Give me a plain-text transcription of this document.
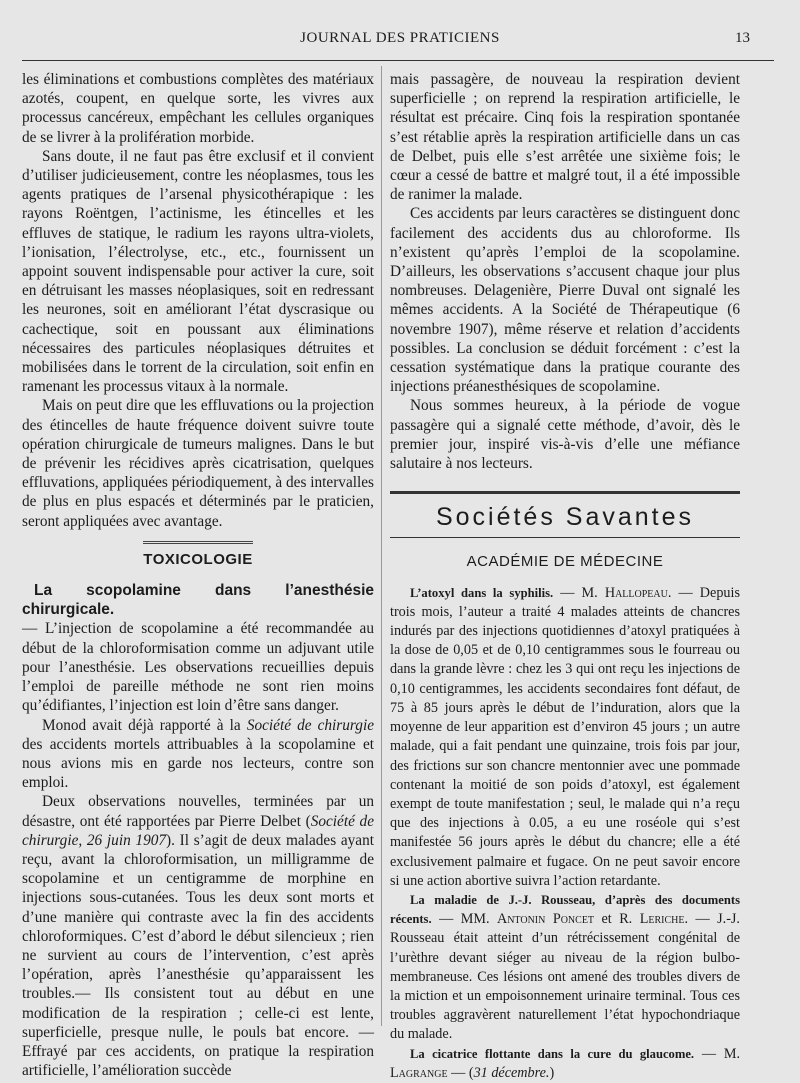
JOURNAL DES PRATICIENS	13

les éliminations et combustions complètes des matériaux azotés, coupent, en quelque sorte, les vivres aux processus cancéreux, empêchant les cellules organiques de se livrer à la prolifération morbide.

Sans doute, il ne faut pas être exclusif et il convient d’utiliser judicieusement, contre les néoplasmes, tous les agents pratiques de l’arsenal physicothérapique : les rayons Roëntgen, l’actinisme, les étincelles et les effluves de statique, le radium les rayons ultra-violets, l’ionisation, l’électrolyse, etc., etc., fournissent un appoint souvent indispensable pour activer la cure, soit en détruisant les masses néoplasiques, soit en redressant les neurones, soit en améliorant l’état dyscrasique ou cachectique, soit en poussant aux éliminations nécessaires des particules néoplasiques détruites et mobilisées dans le torrent de la circulation, soit enfin en ramenant les processus vitaux à la normale.

Mais on peut dire que les effluvations ou la projection des étincelles de haute fréquence doivent suivre toute opération chirurgicale de tumeurs malignes. Dans le but de prévenir les récidives après cicatrisation, quelques effluvations, appliquées périodiquement, à des intervalles de plus en plus espacés et déterminés par le praticien, seront appliquées avec avantage.

TOXICOLOGIE
La scopolamine dans l’anesthésie chirurgicale.

— L’injection de scopolamine a été recommandée au début de la chloroformisation comme un adjuvant utile pour l’anesthésie. Les observations recueillies depuis l’emploi de pareille méthode ne sont rien moins qu’édifiantes, l’injection est loin d’être sans danger.

Monod avait déjà rapporté à la Société de chirurgie des accidents mortels attribuables à la scopolamine et nous avions mis en garde nos lecteurs, contre son emploi.

Deux observations nouvelles, terminées par un désastre, ont été rapportées par Pierre Delbet (Société de chirurgie, 26 juin 1907). Il s’agit de deux malades ayant reçu, avant la chloroformisation, un milligramme de scopolamine et un centigramme de morphine en injections sous-cutanées. Tous les deux sont morts et d’une manière qui contraste avec la fin des accidents chloroformiques. C’est d’abord le début silencieux ; rien ne survient au cours de l’intervention, c’est après l’opération, après l’anesthésie qu’apparaissent les troubles.— Ils consistent tout au début en une modification de la respiration ; celle-ci est lente, superficielle, presque nulle, le pouls bat encore. — Effrayé par ces accidents, on pratique la respiration artificielle, l’amélioration succède

mais passagère, de nouveau la respiration devient superficielle ; on reprend la respiration artificielle, le résultat est précaire. Cinq fois la respiration spontanée s’est rétablie après la respiration artificielle dans un cas de Delbet, puis elle s’est arrêtée une sixième fois; le cœur a cessé de battre et malgré tout, il a été impossible de ranimer la malade.

Ces accidents par leurs caractères se distinguent donc facilement des accidents dus au chloroforme. Ils n’existent qu’après l’emploi de la scopolamine. D’ailleurs, les observations s’accusent chaque jour plus nombreuses. Delagenière, Pierre Duval ont signalé les mêmes accidents. A la Société de Thérapeutique (6 novembre 1907), même réserve et relation d’accidents possibles. La conclusion se déduit forcément : c’est la cessation systématique dans la pratique courante des injections préanesthésiques de scopolamine.

Nous sommes heureux, à la période de vogue passagère qui a signalé cette méthode, d’avoir, dès le premier jour, inspiré vis-à-vis d’elle une méfiance salutaire à nos lecteurs.

Sociétés Savantes
ACADÉMIE DE MÉDECINE

L’atoxyl dans la syphilis. — M. Hallopeau. — Depuis trois mois, l’auteur a traité 4 malades atteints de chancres indurés par des injections quotidiennes d’atoxyl pratiquées à la dose de 0,05 et de 0,10 centigrammes sous le fourreau ou dans la grande lèvre : chez les 3 qui ont reçu les injections de 0,10 centigrammes, les accidents secondaires font défaut, de 75 à 85 jours après le début de l’induration, alors que la moyenne de leur apparition est d’environ 45 jours ; un autre malade, qui a fait pendant une quinzaine, trois fois par jour, des frictions sur son chancre mentonnier avec une pommade contenant la moitié de son poids d’atoxyl, est également exempt de toute manifestation ; seul, le malade qui n’a reçu que des injections à 0.05, a eu une roséole qui s’est manifestée 56 jours après le début du chancre; elle a été exclusivement palmaire et fugace. On ne peut savoir encore si une action abortive suivra l’action retardante.

La maladie de J.-J. Rousseau, d’après des documents récents. — MM. Antonin Poncet et R. Leriche. — J.-J. Rousseau était atteint d’un rétrécissement congénital de l’urèthre devant siéger au niveau de la région bulbo-membraneuse. Ces lésions ont amené des troubles divers de la miction et un empoisonnement urinaire terminal. Tous ces troubles aggravèrent naturellement l’état hypochondriaque du malade.

La cicatrice flottante dans la cure du glaucome. — M. Lagrange — (31 décembre.)
